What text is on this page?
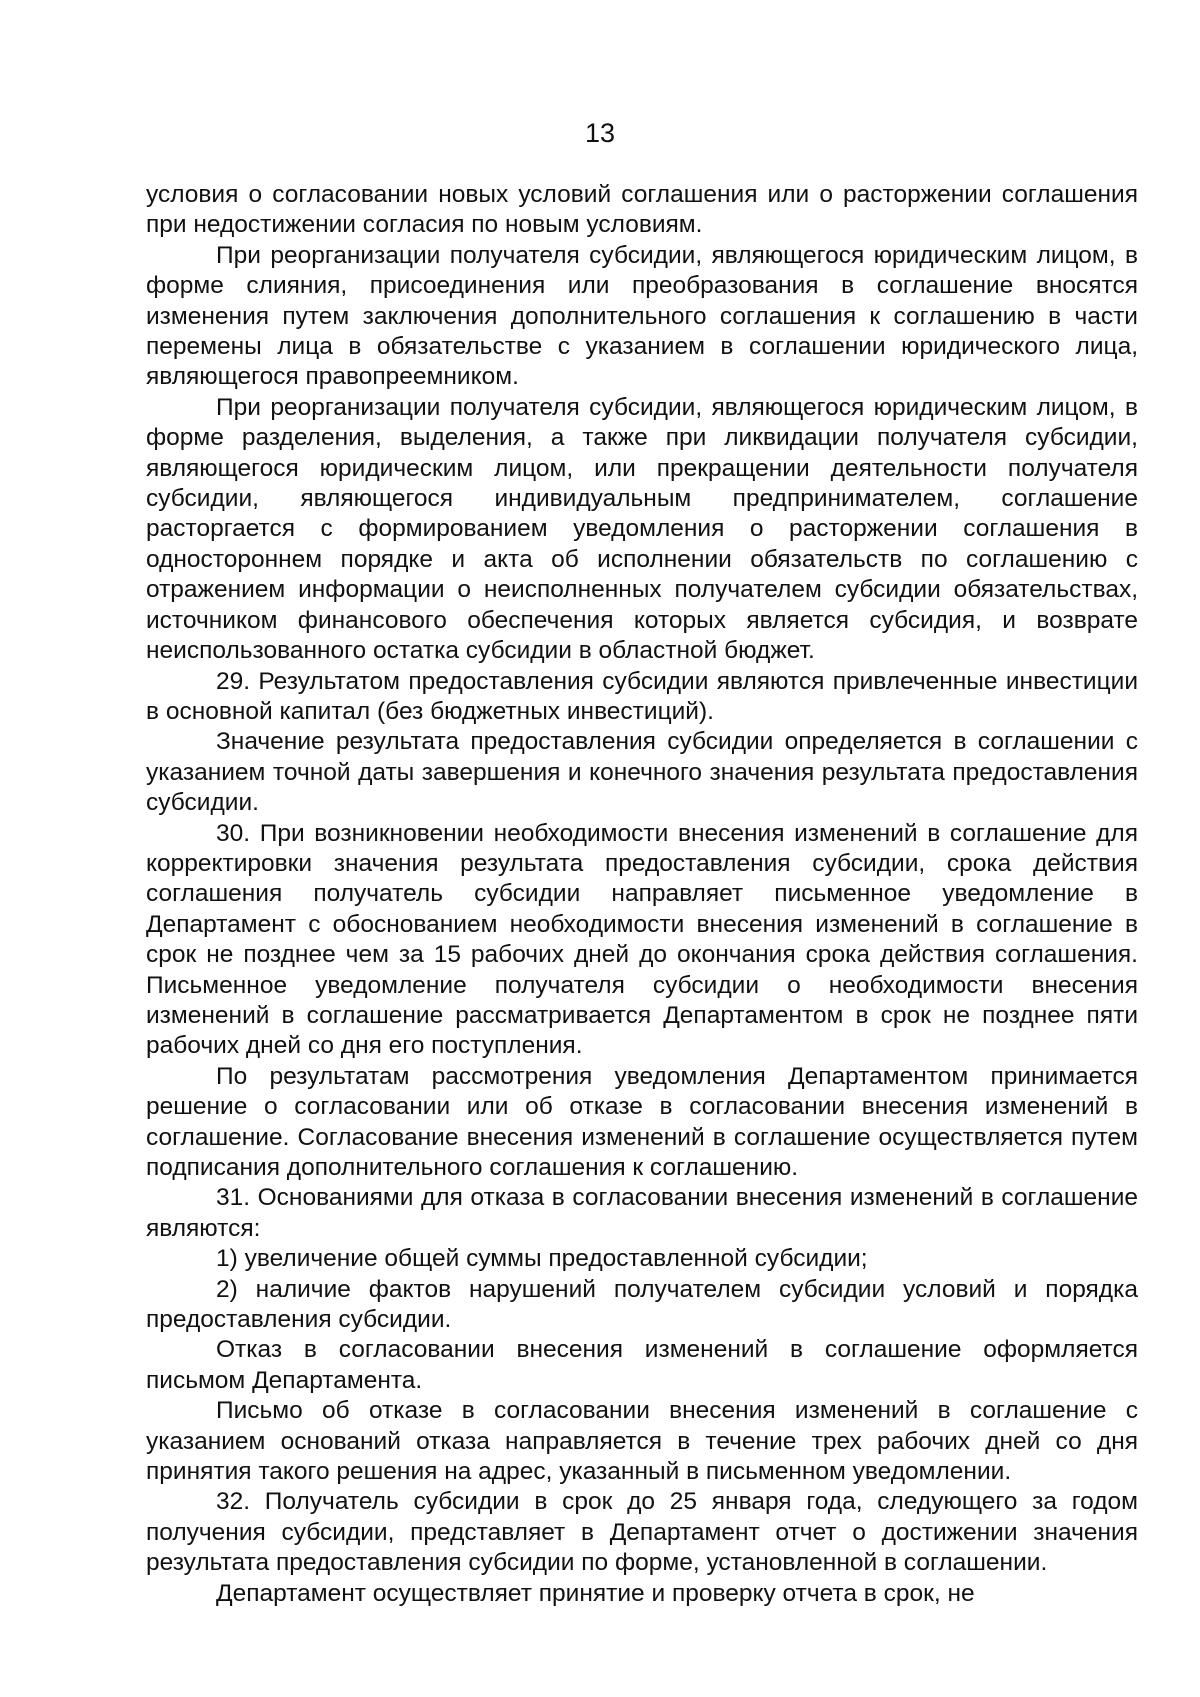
13

условия о согласовании новых условий соглашения или о расторжении соглашения при недостижении согласия по новым условиям.

При реорганизации получателя субсидии, являющегося юридическим лицом, в форме слияния, присоединения или преобразования в соглашение вносятся изменения путем заключения дополнительного соглашения к соглашению в части перемены лица в обязательстве с указанием в соглашении юридического лица, являющегося правопреемником.

При реорганизации получателя субсидии, являющегося юридическим лицом, в форме разделения, выделения, а также при ликвидации получателя субсидии, являющегося юридическим лицом, или прекращении деятельности получателя субсидии, являющегося индивидуальным предпринимателем, соглашение расторгается с формированием уведомления о расторжении соглашения в одностороннем порядке и акта об исполнении обязательств по соглашению с отражением информации о неисполненных получателем субсидии обязательствах, источником финансового обеспечения которых является субсидия, и возврате неиспользованного остатка субсидии в областной бюджет.

29. Результатом предоставления субсидии являются привлеченные инвестиции в основной капитал (без бюджетных инвестиций).

Значение результата предоставления субсидии определяется в соглашении с указанием точной даты завершения и конечного значения результата предоставления субсидии.

30. При возникновении необходимости внесения изменений в соглашение для корректировки значения результата предоставления субсидии, срока действия соглашения получатель субсидии направляет письменное уведомление в Департамент с обоснованием необходимости внесения изменений в соглашение в срок не позднее чем за 15 рабочих дней до окончания срока действия соглашения. Письменное уведомление получателя субсидии о необходимости внесения изменений в соглашение рассматривается Департаментом в срок не позднее пяти рабочих дней со дня его поступления.

По результатам рассмотрения уведомления Департаментом принимается решение о согласовании или об отказе в согласовании внесения изменений в соглашение. Согласование внесения изменений в соглашение осуществляется путем подписания дополнительного соглашения к соглашению.

31. Основаниями для отказа в согласовании внесения изменений в соглашение являются:

1) увеличение общей суммы предоставленной субсидии;

2) наличие фактов нарушений получателем субсидии условий и порядка предоставления субсидии.

Отказ в согласовании внесения изменений в соглашение оформляется письмом Департамента.

Письмо об отказе в согласовании внесения изменений в соглашение с указанием оснований отказа направляется в течение трех рабочих дней со дня принятия такого решения на адрес, указанный в письменном уведомлении.

32. Получатель субсидии в срок до 25 января года, следующего за годом получения субсидии, представляет в Департамент отчет о достижении значения результата предоставления субсидии по форме, установленной в соглашении.

Департамент осуществляет принятие и проверку отчета в срок, не
